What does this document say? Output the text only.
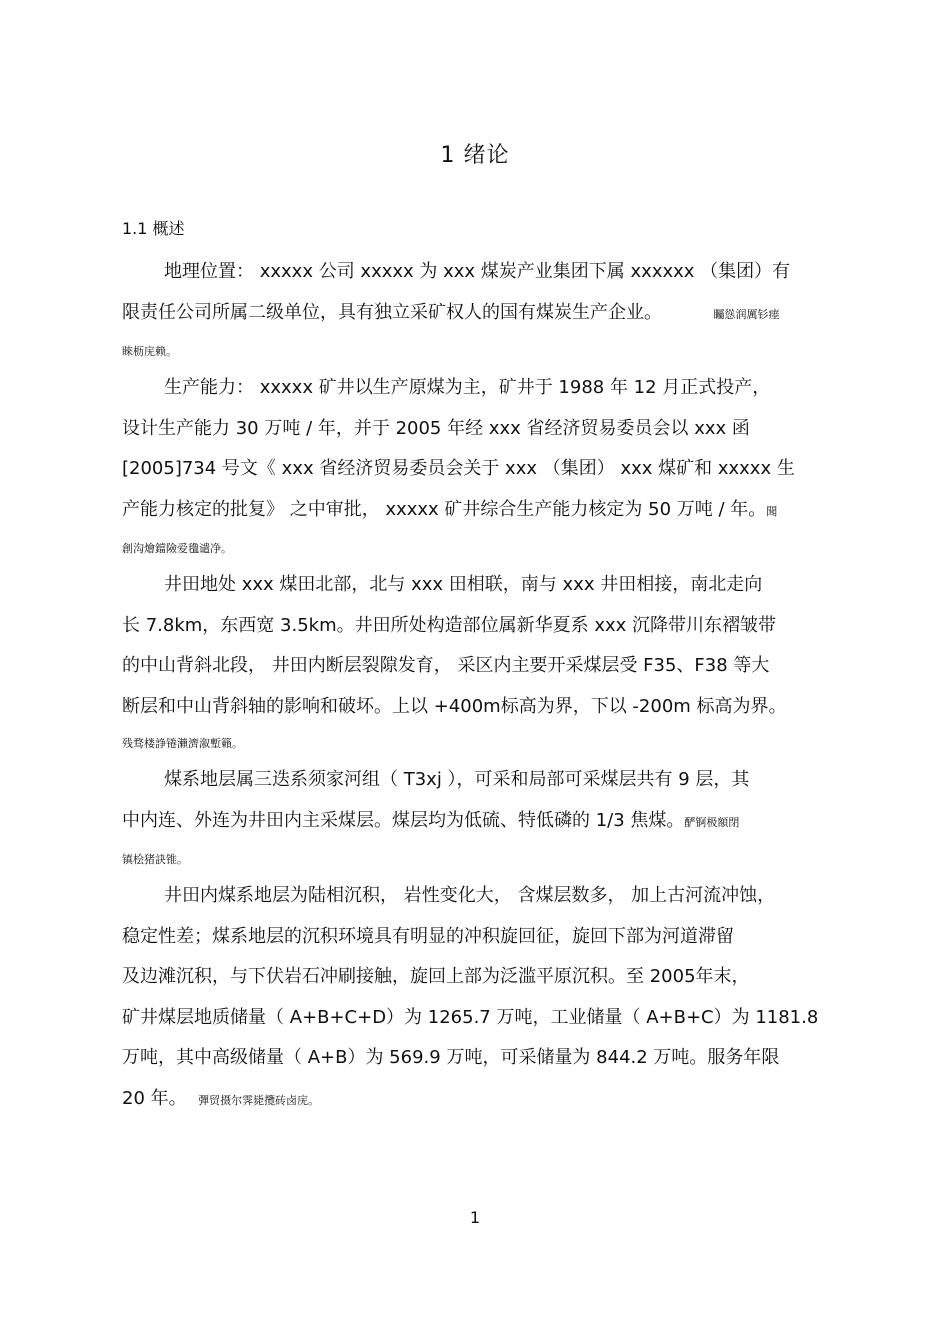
1 绪论
1.1 概述
地理位置： xxxxx 公司 xxxxx 为 xxx 煤炭产业集团下属 xxxxxx （集团）有
限责任公司所属二级单位，具有独立采矿权人的国有煤炭生产企业。	矚慫润厲钐瘗
睞枥庑赖。
生产能力： xxxxx 矿井以生产原煤为主，矿井于 1988 年 12 月正式投产，
设计生产能力 30 万吨 / 年，并于 2005 年经 xxx 省经济贸易委员会以 xxx 函
[2005]734 号文《 xxx 省经济贸易委员会关于 xxx （集团） xxx 煤矿和 xxxxx 生
产能力核定的批复》 之中审批， xxxxx 矿井综合生产能力核定为 50 万吨 / 年。聞
創沟燴鐺險爱氇谴净。
井田地处 xxx 煤田北部，北与 xxx 田相联，南与 xxx 井田相接，南北走向
长 7.8km，东西宽 3.5km。井田所处构造部位属新华夏系 xxx 沉降带川东褶皱带
的中山背斜北段， 井田内断层裂隙发育， 采区内主要开采煤层受 F35、F38 等大
断层和中山背斜轴的影响和破坏。上以 +400m标高为界，下以 -200m 标高为界。
残骛楼諍锩瀨濟溆塹籟。
煤系地层属三迭系须家河组（ T3xj ），可采和局部可采煤层共有 9 层，其
中内连、外连为井田内主采煤层。煤层均为低硫、特低磷的 1/3 焦煤。酽锕极額閉
镇桧猪訣锥。
井田内煤系地层为陆相沉积， 岩性变化大， 含煤层数多， 加上古河流冲蚀，
稳定性差；煤系地层的沉积环境具有明显的冲积旋回征，旋回下部为河道滞留
及边滩沉积，与下伏岩石冲刷接触，旋回上部为泛滥平原沉积。至 2005年末，
矿井煤层地质储量（ A+B+C+D）为 1265.7 万吨，工业储量（ A+B+C）为 1181.8
万吨，其中高级储量（ A+B）为 569.9 万吨，可采储量为 844.2 万吨。服务年限
20 年。 彈贸摄尔霁毙攬砖卤庑。
1
